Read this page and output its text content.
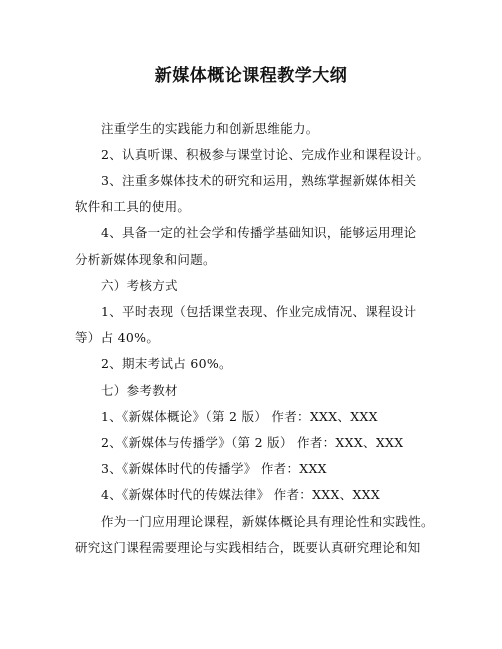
新媒体概论课程教学大纲
注重学生的实践能力和创新思维能力。
2、认真听课、积极参与课堂讨论、完成作业和课程设计。
3、注重多媒体技术的研究和运用，熟练掌握新媒体相关
软件和工具的使用。
4、具备一定的社会学和传播学基础知识，能够运用理论
分析新媒体现象和问题。
六）考核方式
1、平时表现（包括课堂表现、作业完成情况、课程设计
等）占 40%。
2、期末考试占 60%。
七）参考教材
1、《新媒体概论》（第 2 版） 作者：XXX、XXX
2、《新媒体与传播学》（第 2 版） 作者：XXX、XXX
3、《新媒体时代的传播学》 作者：XXX
4、《新媒体时代的传媒法律》 作者：XXX、XXX
作为一门应用理论课程，新媒体概论具有理论性和实践性。
研究这门课程需要理论与实践相结合，既要认真研究理论和知
